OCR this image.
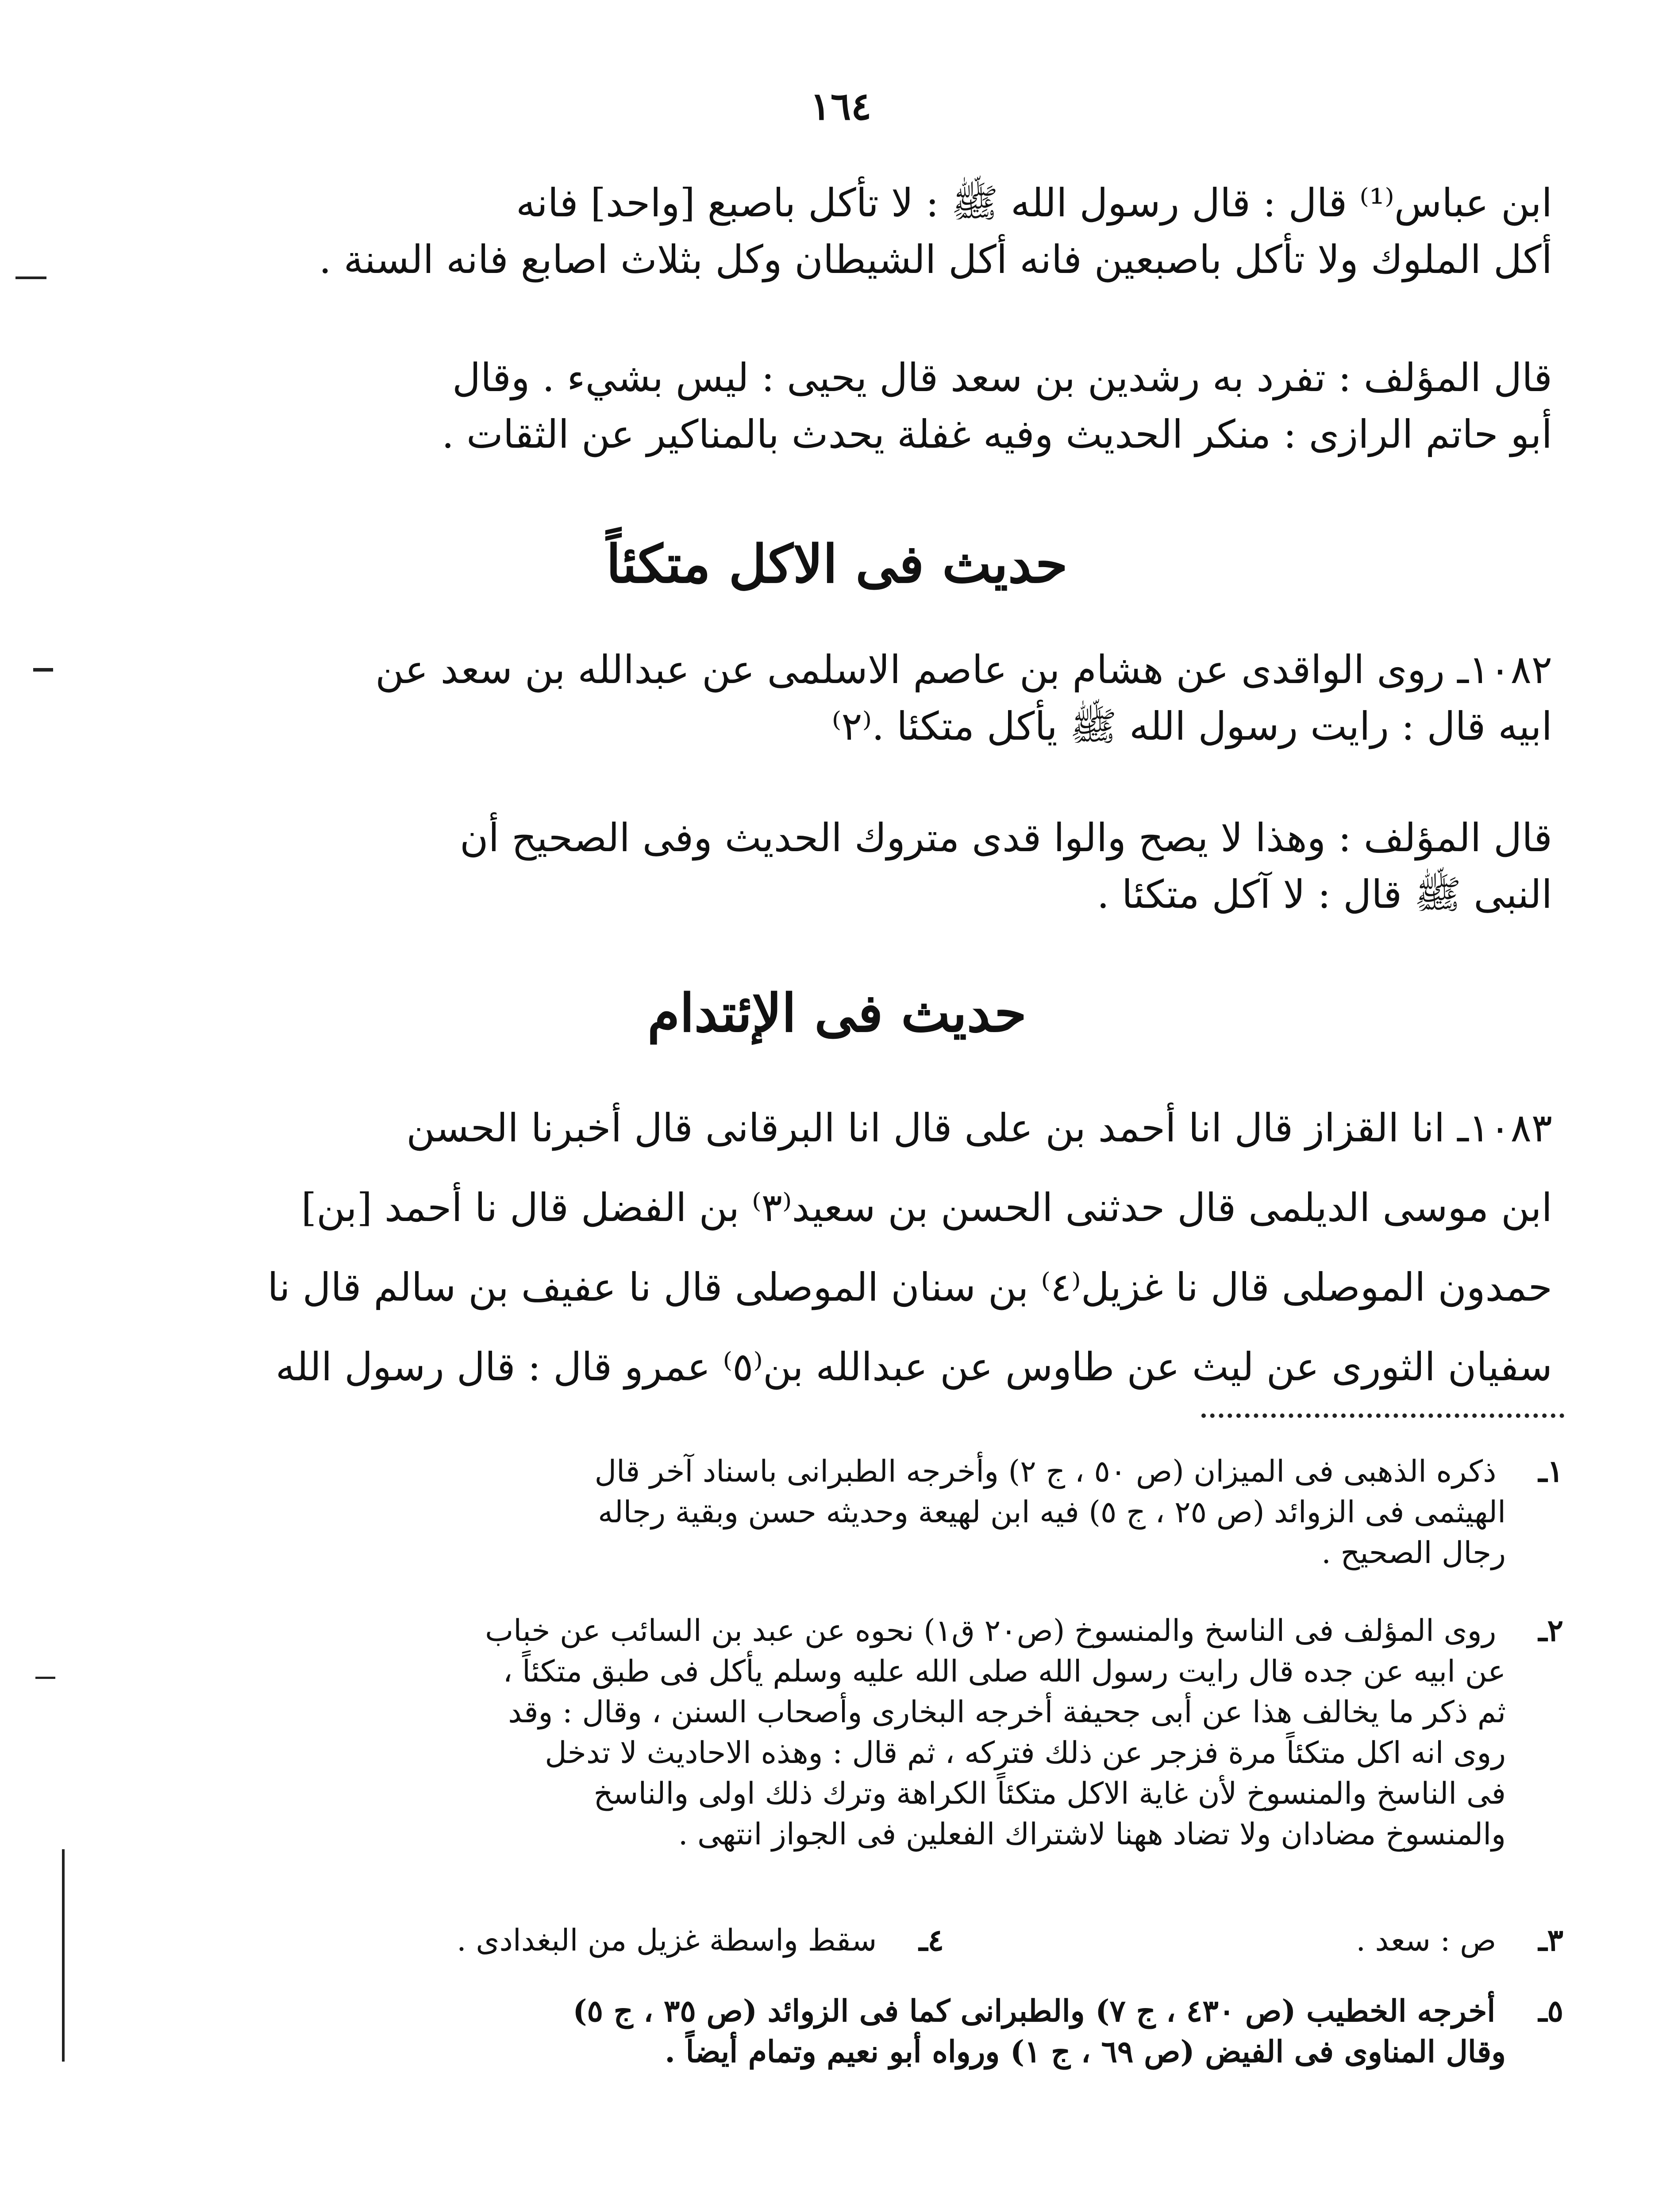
١٦٤
ابن عباس⁽¹⁾ قال : قال رسول الله ﷺ : لا تأكل باصبع [واحد] فانه
أكل الملوك ولا تأكل باصبعين فانه أكل الشيطان وكل بثلاث اصابع فانه السنة .
قال المؤلف : تفرد به رشدين بن سعد قال يحيى : ليس بشيء . وقال
أبو حاتم الرازى : منكر الحديث وفيه غفلة يحدث بالمناكير عن الثقات .
حديث فى الاكل متكئاً
١٠٨٢ـ روى الواقدى عن هشام بن عاصم الاسلمى عن عبدالله بن سعد عن
ابيه قال : رايت رسول الله ﷺ يأكل متكئا .⁽٢⁾
قال المؤلف : وهذا لا يصح والوا قدى متروك الحديث وفى الصحيح أن
النبى ﷺ قال : لا آكل متكئا .
حديث فى الإئتدام
١٠٨٣ـ انا القزاز قال انا أحمد بن على قال انا البرقانى قال أخبرنا الحسن
ابن موسى الديلمى قال حدثنى الحسن بن سعيد⁽٣⁾ بن الفضل قال نا أحمد [بن]
حمدون الموصلى قال نا غزيل⁽٤⁾ بن سنان الموصلى قال نا عفيف بن سالم قال نا
سفيان الثورى عن ليث عن طاوس عن عبدالله بن⁽٥⁾ عمرو قال : قال رسول الله
١ـ ذكره الذهبى فى الميزان (ص ٥٠ ، ج ٢) وأخرجه الطبرانى باسناد آخر قال
الهيثمى فى الزوائد (ص ٢٥ ، ج ٥) فيه ابن لهيعة وحديثه حسن وبقية رجاله
رجال الصحيح .
٢ـ روى المؤلف فى الناسخ والمنسوخ (ص٢٠ ق١) نحوه عن عبد بن السائب عن خباب
عن ابيه عن جده قال رايت رسول الله صلى الله عليه وسلم يأكل فى طبق متكئاً ،
ثم ذكر ما يخالف هذا عن أبى جحيفة أخرجه البخارى وأصحاب السنن ، وقال : وقد
روى انه اكل متكئاً مرة فزجر عن ذلك فتركه ، ثم قال : وهذه الاحاديث لا تدخل
فى الناسخ والمنسوخ لأن غاية الاكل متكئاً الكراهة وترك ذلك اولى والناسخ
والمنسوخ مضادان ولا تضاد ههنا لاشتراك الفعلين فى الجواز انتهى .
٣ـ ص : سعد .
٤ـ سقط واسطة غزيل من البغدادى .
٥ـ أخرجه الخطيب (ص ٤٣٠ ، ج ٧) والطبرانى كما فى الزوائد (ص ٣٥ ، ج ٥)
وقال المناوى فى الفيض (ص ٦٩ ، ج ١) ورواه أبو نعيم وتمام أيضاً .
